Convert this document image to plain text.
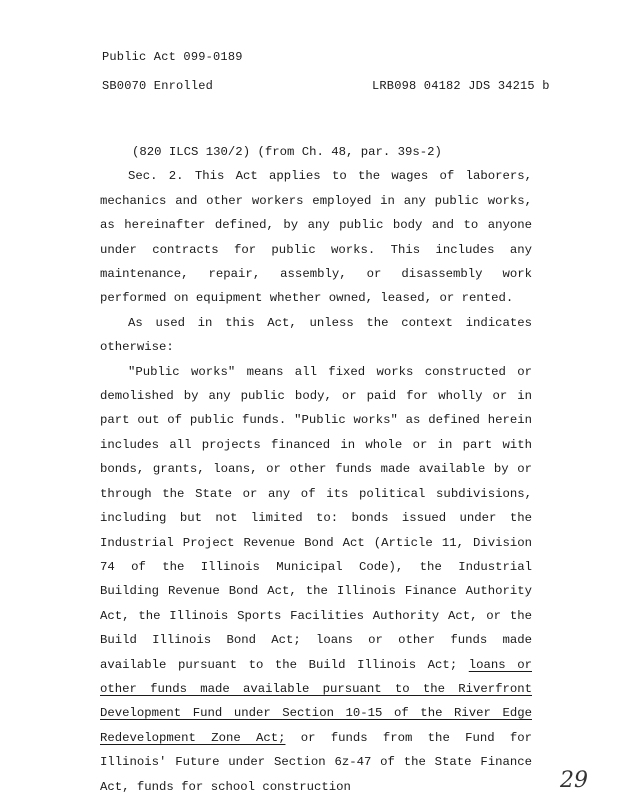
Public Act 099-0189
SB0070 Enrolled	LRB098 04182 JDS 34215 b

(820 ILCS 130/2) (from Ch. 48, par. 39s-2)

Sec. 2. This Act applies to the wages of laborers, mechanics and other workers employed in any public works, as hereinafter defined, by any public body and to anyone under contracts for public works. This includes any maintenance, repair, assembly, or disassembly work performed on equipment whether owned, leased, or rented.

As used in this Act, unless the context indicates otherwise:

"Public works" means all fixed works constructed or demolished by any public body, or paid for wholly or in part out of public funds. "Public works" as defined herein includes all projects financed in whole or in part with bonds, grants, loans, or other funds made available by or through the State or any of its political subdivisions, including but not limited to: bonds issued under the Industrial Project Revenue Bond Act (Article 11, Division 74 of the Illinois Municipal Code), the Industrial Building Revenue Bond Act, the Illinois Finance Authority Act, the Illinois Sports Facilities Authority Act, or the Build Illinois Bond Act; loans or other funds made available pursuant to the Build Illinois Act; loans or other funds made available pursuant to the Riverfront Development Fund under Section 10-15 of the River Edge Redevelopment Zone Act; or funds from the Fund for Illinois' Future under Section 6z-47 of the State Finance Act, funds for school construction	29
